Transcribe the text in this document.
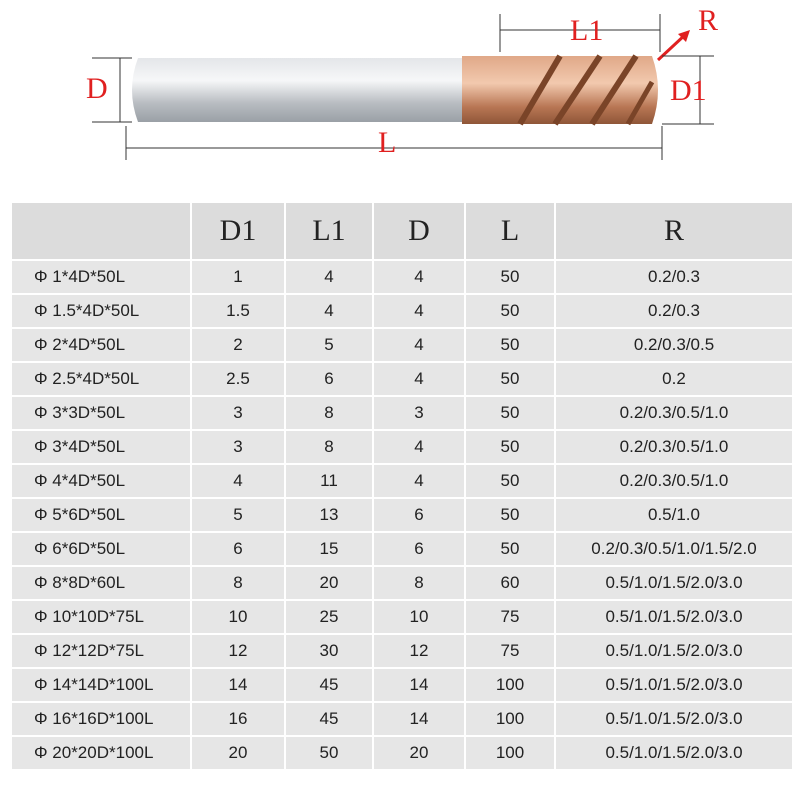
D
L
L1	R
D1
	D1	L1	D	L	R
Φ 1*4D*50L	1	4	4	50	0.2/0.3
Φ 1.5*4D*50L	1.5	4	4	50	0.2/0.3
Φ 2*4D*50L	2	5	4	50	0.2/0.3/0.5
Φ 2.5*4D*50L	2.5	6	4	50	0.2
Φ 3*3D*50L	3	8	3	50	0.2/0.3/0.5/1.0
Φ 3*4D*50L	3	8	4	50	0.2/0.3/0.5/1.0
Φ 4*4D*50L	4	11	4	50	0.2/0.3/0.5/1.0
Φ 5*6D*50L	5	13	6	50	0.5/1.0
Φ 6*6D*50L	6	15	6	50	0.2/0.3/0.5/1.0/1.5/2.0
Φ 8*8D*60L	8	20	8	60	0.5/1.0/1.5/2.0/3.0
Φ 10*10D*75L	10	25	10	75	0.5/1.0/1.5/2.0/3.0
Φ 12*12D*75L	12	30	12	75	0.5/1.0/1.5/2.0/3.0
Φ 14*14D*100L	14	45	14	100	0.5/1.0/1.5/2.0/3.0
Φ 16*16D*100L	16	45	14	100	0.5/1.0/1.5/2.0/3.0
Φ 20*20D*100L	20	50	20	100	0.5/1.0/1.5/2.0/3.0
